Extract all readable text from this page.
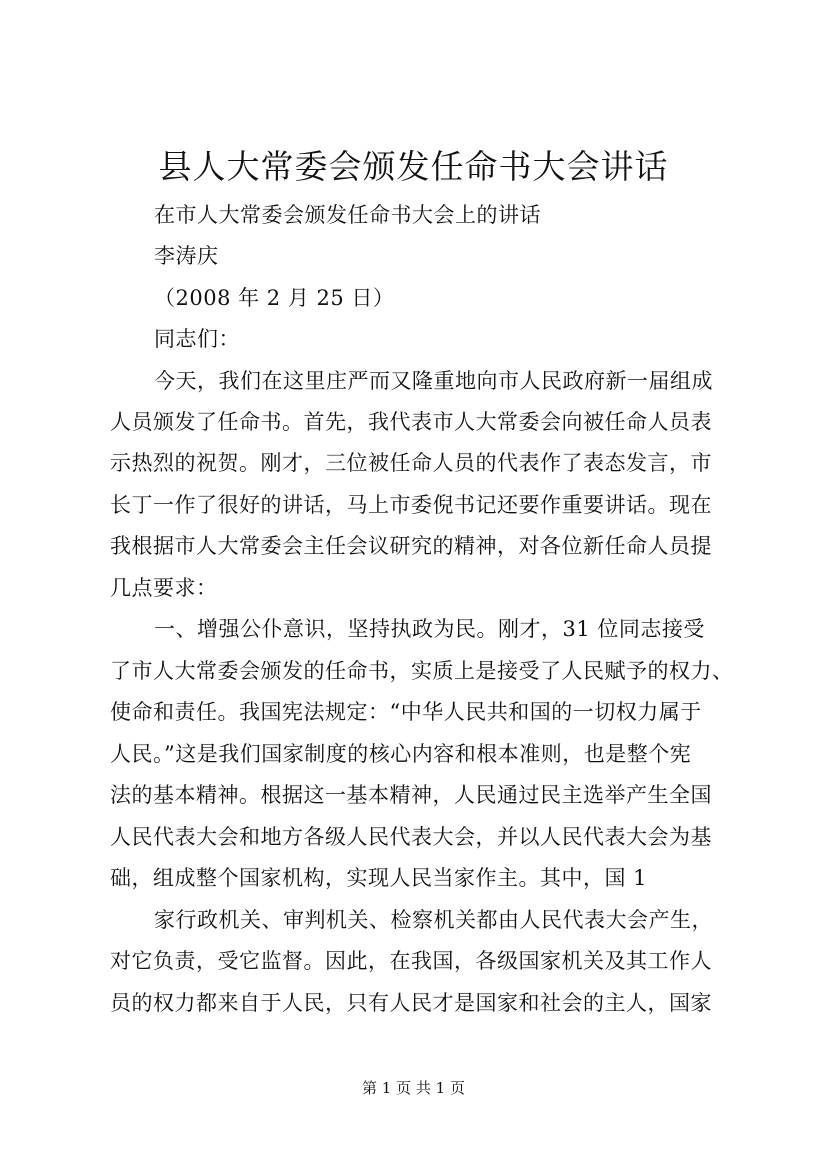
县人大常委会颁发任命书大会讲话

在市人大常委会颁发任命书大会上的讲话

李涛庆

（2008 年 2 月 25 日）

同志们：

今天，我们在这里庄严而又隆重地向市人民政府新一届组成

人员颁发了任命书。首先，我代表市人大常委会向被任命人员表

示热烈的祝贺。刚才，三位被任命人员的代表作了表态发言，市

长丁一作了很好的讲话，马上市委倪书记还要作重要讲话。现在

我根据市人大常委会主任会议研究的精神，对各位新任命人员提

几点要求：

一、增强公仆意识，坚持执政为民。刚才，31 位同志接受

了市人大常委会颁发的任命书，实质上是接受了人民赋予的权力、

使命和责任。我国宪法规定：“中华人民共和国的一切权力属于

人民。”这是我们国家制度的核心内容和根本准则，也是整个宪

法的基本精神。根据这一基本精神，人民通过民主选举产生全国

人民代表大会和地方各级人民代表大会，并以人民代表大会为基

础，组成整个国家机构，实现人民当家作主。其中，国 1

家行政机关、审判机关、检察机关都由人民代表大会产生，

对它负责，受它监督。因此，在我国，各级国家机关及其工作人

员的权力都来自于人民，只有人民才是国家和社会的主人，国家

第 1 页 共 1 页
